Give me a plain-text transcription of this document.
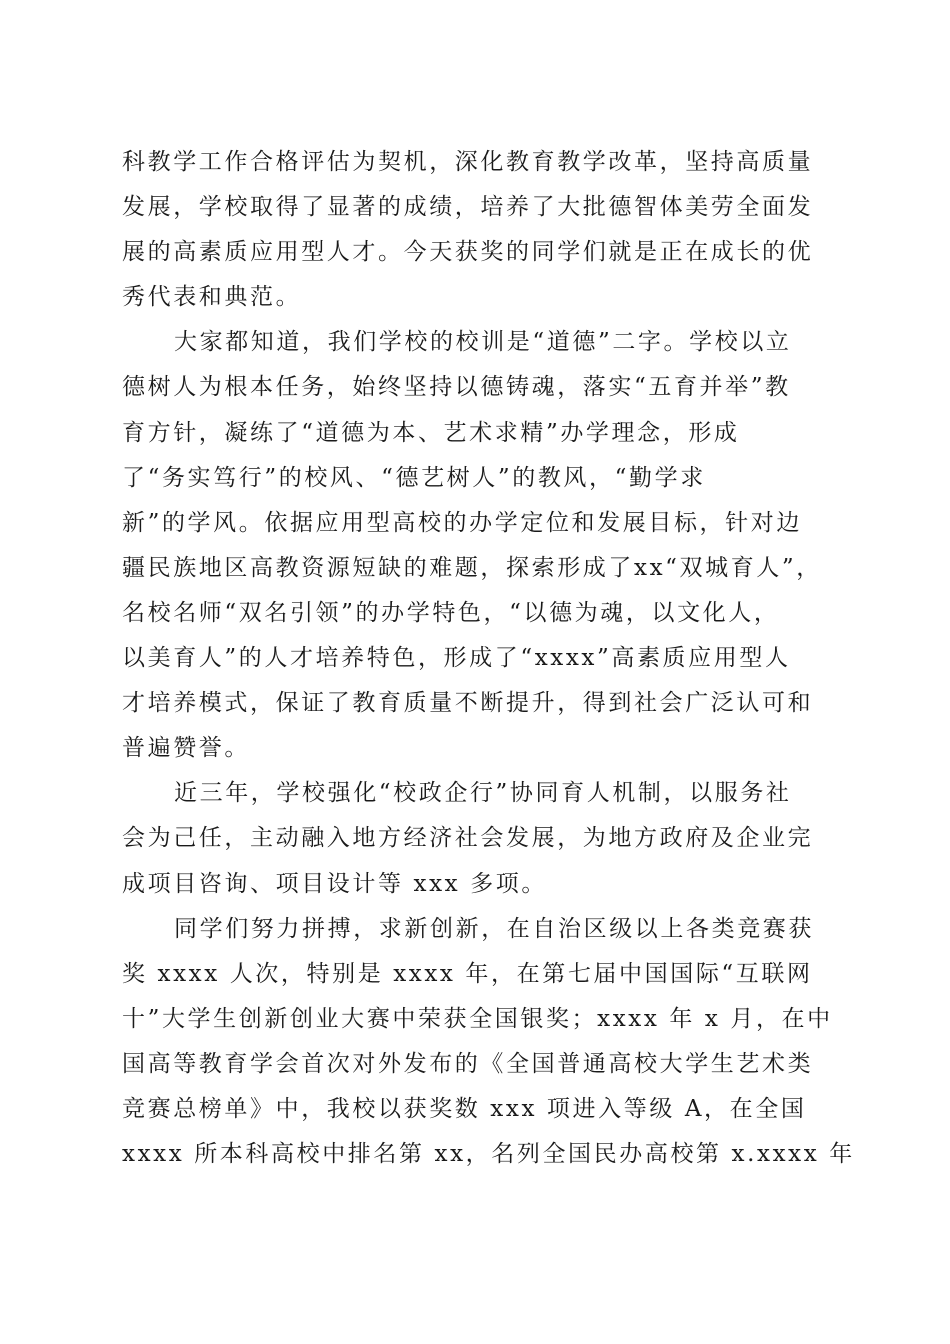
科教学工作合格评估为契机，深化教育教学改革，坚持高质量
发展，学校取得了显著的成绩，培养了大批德智体美劳全面发
展的高素质应用型人才。今天获奖的同学们就是正在成长的优
秀代表和典范。
大家都知道，我们学校的校训是“道德”二字。学校以立
德树人为根本任务，始终坚持以德铸魂，落实“五育并举”教
育方针，凝练了“道德为本、艺术求精”办学理念，形成
了“务实笃行”的校风、“德艺树人”的教风，“勤学求
新”的学风。依据应用型高校的办学定位和发展目标，针对边
疆民族地区高教资源短缺的难题，探索形成了xx“双城育人”，
名校名师“双名引领”的办学特色，“以德为魂，以文化人，
以美育人”的人才培养特色，形成了“xxxx”高素质应用型人
才培养模式，保证了教育质量不断提升，得到社会广泛认可和
普遍赞誉。
近三年，学校强化“校政企行”协同育人机制，以服务社
会为己任，主动融入地方经济社会发展，为地方政府及企业完
成项目咨询、项目设计等 xxx 多项。
同学们努力拼搏，求新创新，在自治区级以上各类竞赛获
奖 xxxx 人次，特别是 xxxx 年，在第七届中国国际“互联网
十”大学生创新创业大赛中荣获全国银奖；xxxx 年 x 月，在中
国高等教育学会首次对外发布的《全国普通高校大学生艺术类
竞赛总榜单》中，我校以获奖数 xxx 项进入等级 A，在全国
xxxx 所本科高校中排名第 xx，名列全国民办高校第 x.xxxx 年
